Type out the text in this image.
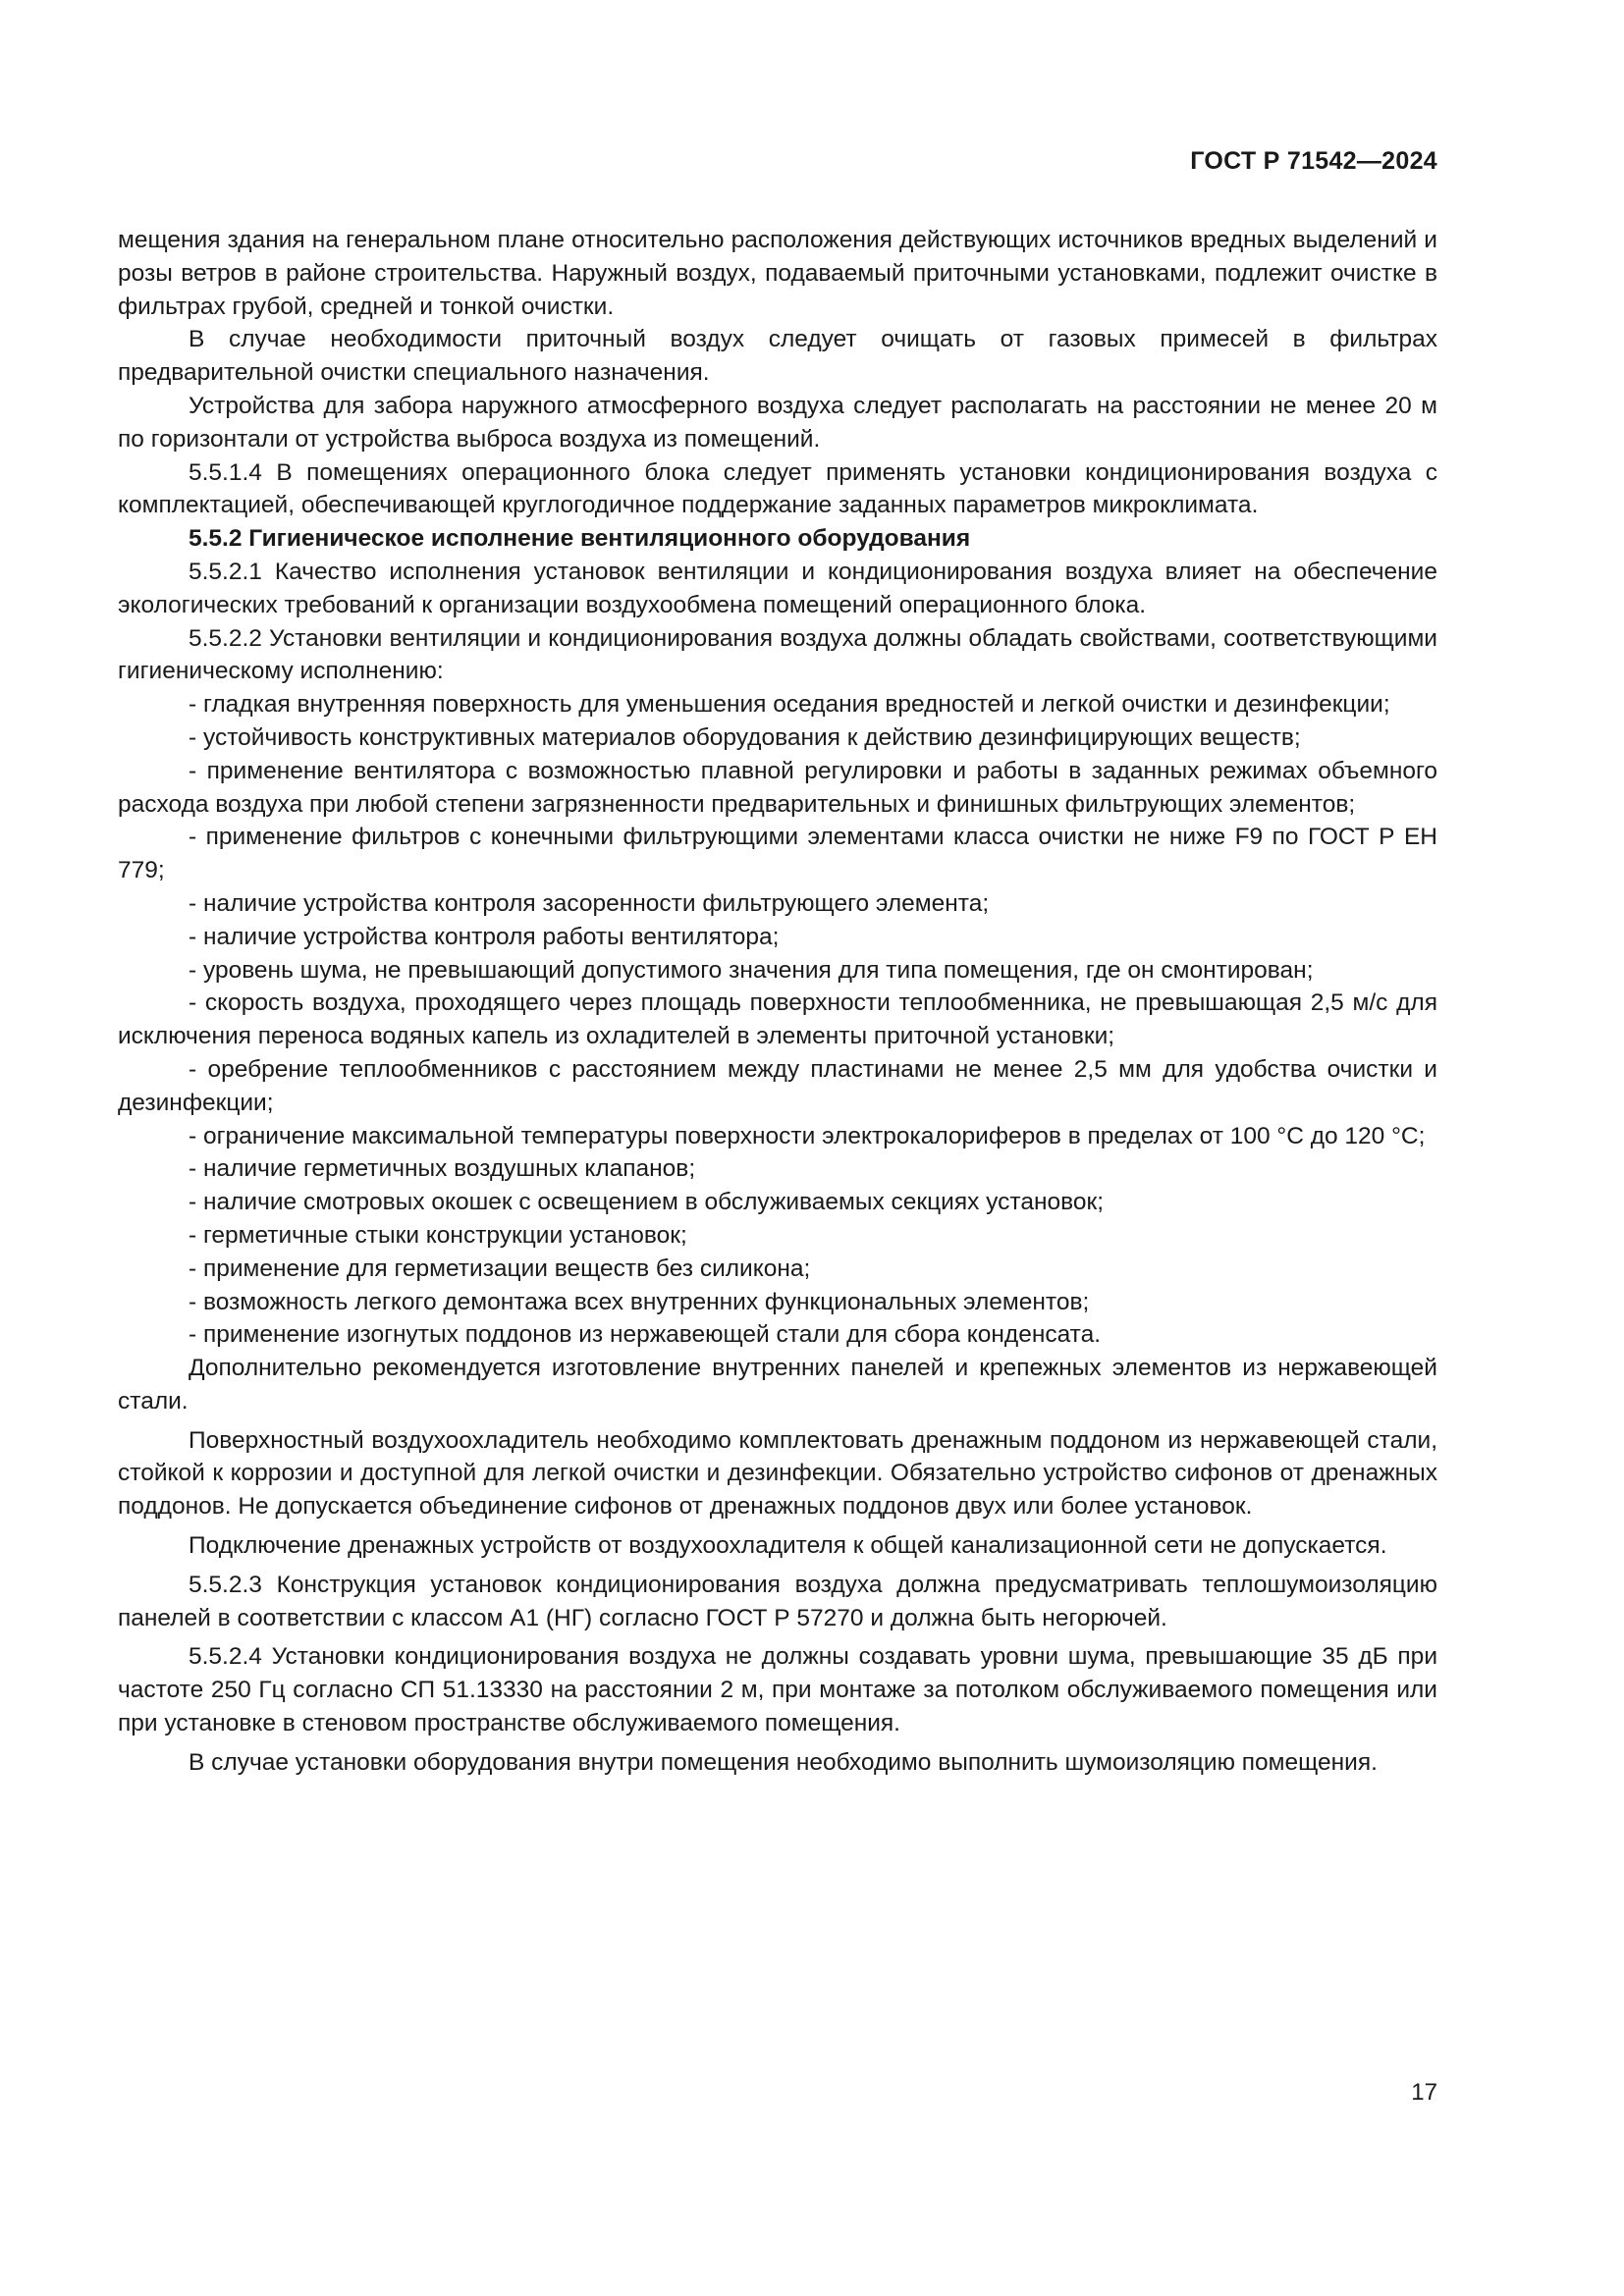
ГОСТ Р 71542—2024

мещения здания на генеральном плане относительно расположения действующих источников вредных выделений и розы ветров в районе строительства. Наружный воздух, подаваемый приточными установками, подлежит очистке в фильтрах грубой, средней и тонкой очистки.

В случае необходимости приточный воздух следует очищать от газовых примесей в фильтрах предварительной очистки специального назначения.

Устройства для забора наружного атмосферного воздуха следует располагать на расстоянии не менее 20 м по горизонтали от устройства выброса воздуха из помещений.

5.5.1.4 В помещениях операционного блока следует применять установки кондиционирования воздуха с комплектацией, обеспечивающей круглогодичное поддержание заданных параметров микроклимата.

5.5.2 Гигиеническое исполнение вентиляционного оборудования

5.5.2.1 Качество исполнения установок вентиляции и кондиционирования воздуха влияет на обеспечение экологических требований к организации воздухообмена помещений операционного блока.

5.5.2.2 Установки вентиляции и кондиционирования воздуха должны обладать свойствами, соответствующими гигиеническому исполнению:

- гладкая внутренняя поверхность для уменьшения оседания вредностей и легкой очистки и дезинфекции;

- устойчивость конструктивных материалов оборудования к действию дезинфицирующих веществ;

- применение вентилятора с возможностью плавной регулировки и работы в заданных режимах объемного расхода воздуха при любой степени загрязненности предварительных и финишных фильтрующих элементов;

- применение фильтров с конечными фильтрующими элементами класса очистки не ниже F9 по ГОСТ Р ЕН 779;

- наличие устройства контроля засоренности фильтрующего элемента;

- наличие устройства контроля работы вентилятора;

- уровень шума, не превышающий допустимого значения для типа помещения, где он смонтирован;

- скорость воздуха, проходящего через площадь поверхности теплообменника, не превышающая 2,5 м/с для исключения переноса водяных капель из охладителей в элементы приточной установки;

- оребрение теплообменников с расстоянием между пластинами не менее 2,5 мм для удобства очистки и дезинфекции;

- ограничение максимальной температуры поверхности электрокалориферов в пределах от 100 °С до 120 °С;

- наличие герметичных воздушных клапанов;

- наличие смотровых окошек с освещением в обслуживаемых секциях установок;

- герметичные стыки конструкции установок;

- применение для герметизации веществ без силикона;

- возможность легкого демонтажа всех внутренних функциональных элементов;

- применение изогнутых поддонов из нержавеющей стали для сбора конденсата.

Дополнительно рекомендуется изготовление внутренних панелей и крепежных элементов из нержавеющей стали.

Поверхностный воздухоохладитель необходимо комплектовать дренажным поддоном из нержавеющей стали, стойкой к коррозии и доступной для легкой очистки и дезинфекции. Обязательно устройство сифонов от дренажных поддонов. Не допускается объединение сифонов от дренажных поддонов двух или более установок.

Подключение дренажных устройств от воздухоохладителя к общей канализационной сети не допускается.

5.5.2.3 Конструкция установок кондиционирования воздуха должна предусматривать теплошумоизоляцию панелей в соответствии с классом А1 (НГ) согласно ГОСТ Р 57270 и должна быть негорючей.

5.5.2.4 Установки кондиционирования воздуха не должны создавать уровни шума, превышающие 35 дБ при частоте 250 Гц согласно СП 51.13330 на расстоянии 2 м, при монтаже за потолком обслуживаемого помещения или при установке в стеновом пространстве обслуживаемого помещения.

В случае установки оборудования внутри помещения необходимо выполнить шумоизоляцию помещения.

17
